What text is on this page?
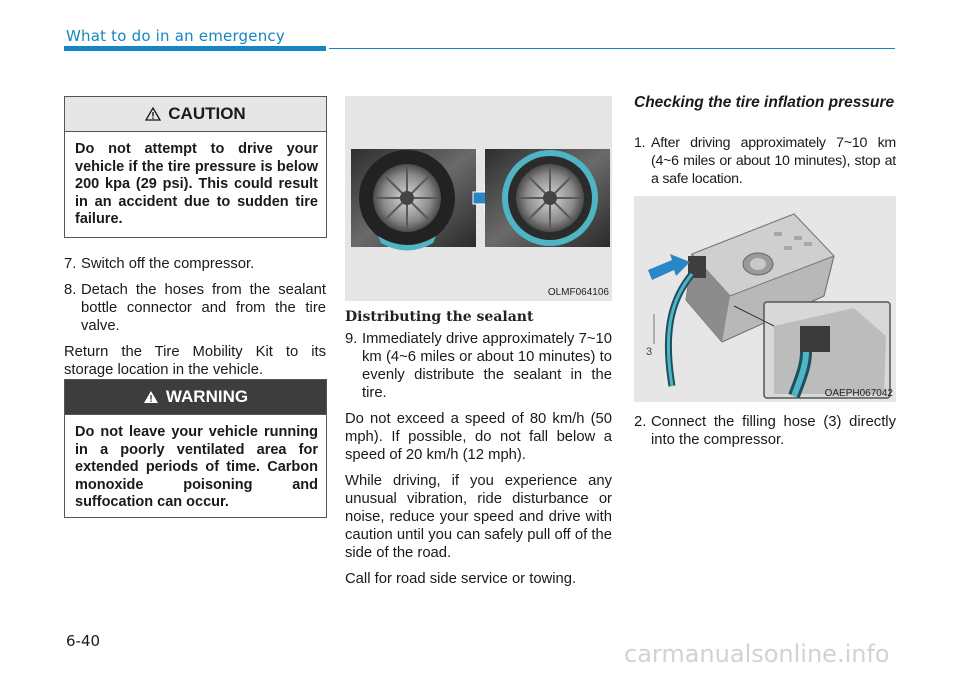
What to do in an emergency
CAUTION
Do not attempt to drive your vehicle if the tire pressure is below 200 kpa (29 psi). This could result in an accident due to sudden tire failure.
7. Switch off the compressor.
8. Detach the hoses from the sealant bottle connector and from the tire valve.
Return the Tire Mobility Kit to its storage location in the vehicle.
WARNING
Do not leave your vehicle running in a poorly ventilated area for extended periods of time. Carbon monoxide poisoning and suffocation can occur.
OLMF064106
Distributing the sealant
9. Immediately drive approximately 7~10 km (4~6 miles or about 10 minutes) to evenly distribute the sealant in the tire.
Do not exceed a speed of 80 km/h (50 mph). If possible, do not fall below a speed of 20 km/h (12 mph).
While driving, if you experience any unusual vibration, ride disturbance or noise, reduce your speed and drive with caution until you can safely pull off of the side of the road.
Call for road side service or towing.
Checking the tire inflation pressure
1. After driving approximately 7~10 km (4~6 miles or about 10 minutes), stop at a safe location.
3
OAEPH067042
2. Connect the filling hose (3) directly into the compressor.
6-40	carmanualsonline.info
